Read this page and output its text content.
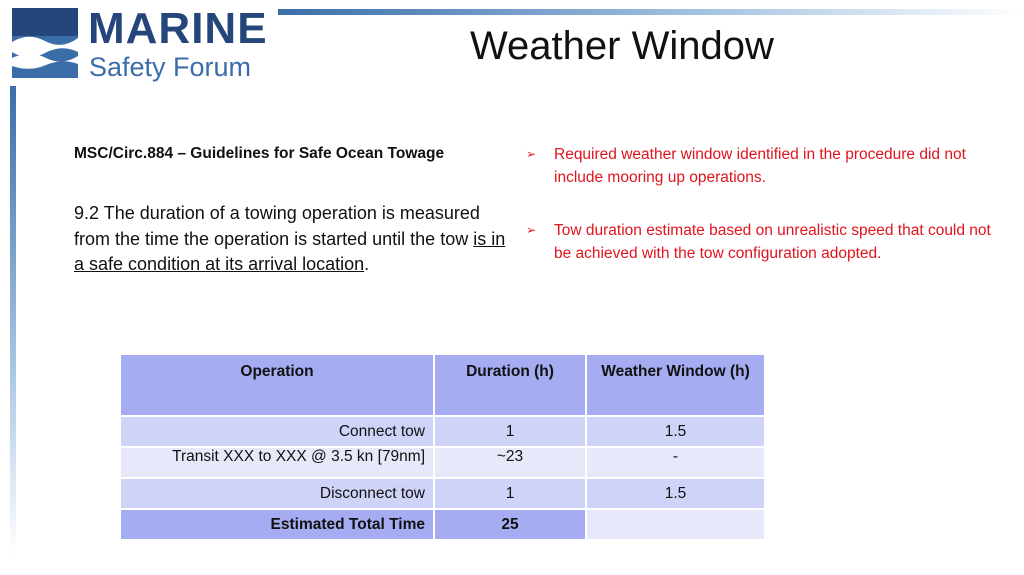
MARINE
Safety Forum	Weather Window
MSC/Circ.884 – Guidelines for Safe Ocean Towage
9.2 The duration of a towing operation is measured from the time the operation is started until the tow is in a safe condition at its arrival location.
➢ Required weather window identified in the procedure did not include mooring up operations.
➢ Tow duration estimate based on unrealistic speed that could not be achieved with the tow configuration adopted.
Operation	Duration (h)	Weather Window (h)
Connect tow	1	1.5
Transit XXX to XXX @ 3.5 kn [79nm]	~23	-
Disconnect tow	1	1.5
Estimated Total Time	25	
